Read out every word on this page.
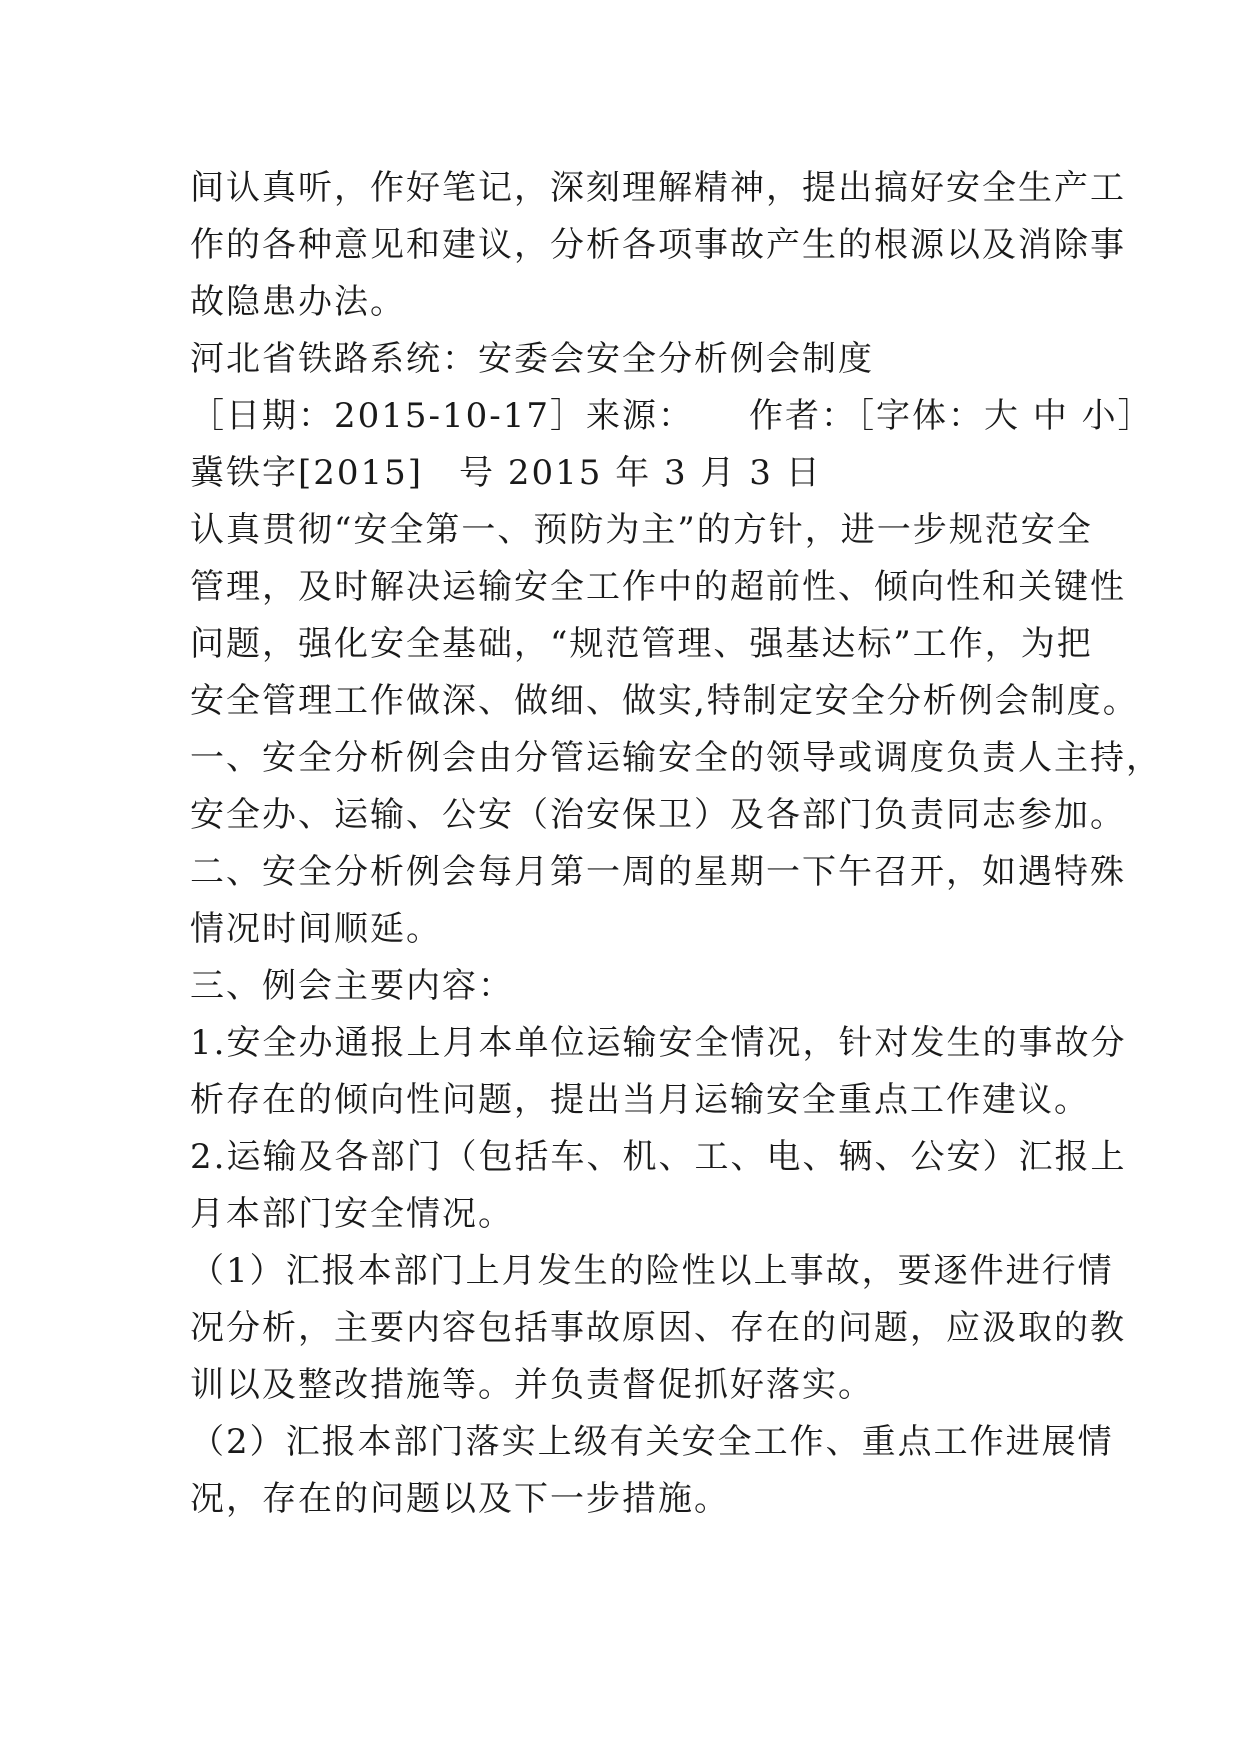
间认真听，作好笔记，深刻理解精神，提出搞好安全生产工
作的各种意见和建议，分析各项事故产生的根源以及消除事
故隐患办法。
河北省铁路系统：安委会安全分析例会制度
［日期：2015-10-17］来源：　　作者：［字体：大 中 小］
冀铁字[2015]　号 2015 年 3 月 3 日
认真贯彻“安全第一、预防为主”的方针，进一步规范安全
管理，及时解决运输安全工作中的超前性、倾向性和关键性
问题，强化安全基础，“规范管理、强基达标”工作，为把
安全管理工作做深、做细、做实,特制定安全分析例会制度。
一、安全分析例会由分管运输安全的领导或调度负责人主持，
安全办、运输、公安（治安保卫）及各部门负责同志参加。
二、安全分析例会每月第一周的星期一下午召开，如遇特殊
情况时间顺延。
三、例会主要内容：
1.安全办通报上月本单位运输安全情况，针对发生的事故分
析存在的倾向性问题，提出当月运输安全重点工作建议。
2.运输及各部门（包括车、机、工、电、辆、公安）汇报上
月本部门安全情况。
（1）汇报本部门上月发生的险性以上事故，要逐件进行情
况分析，主要内容包括事故原因、存在的问题，应汲取的教
训以及整改措施等。并负责督促抓好落实。
（2）汇报本部门落实上级有关安全工作、重点工作进展情
况，存在的问题以及下一步措施。
